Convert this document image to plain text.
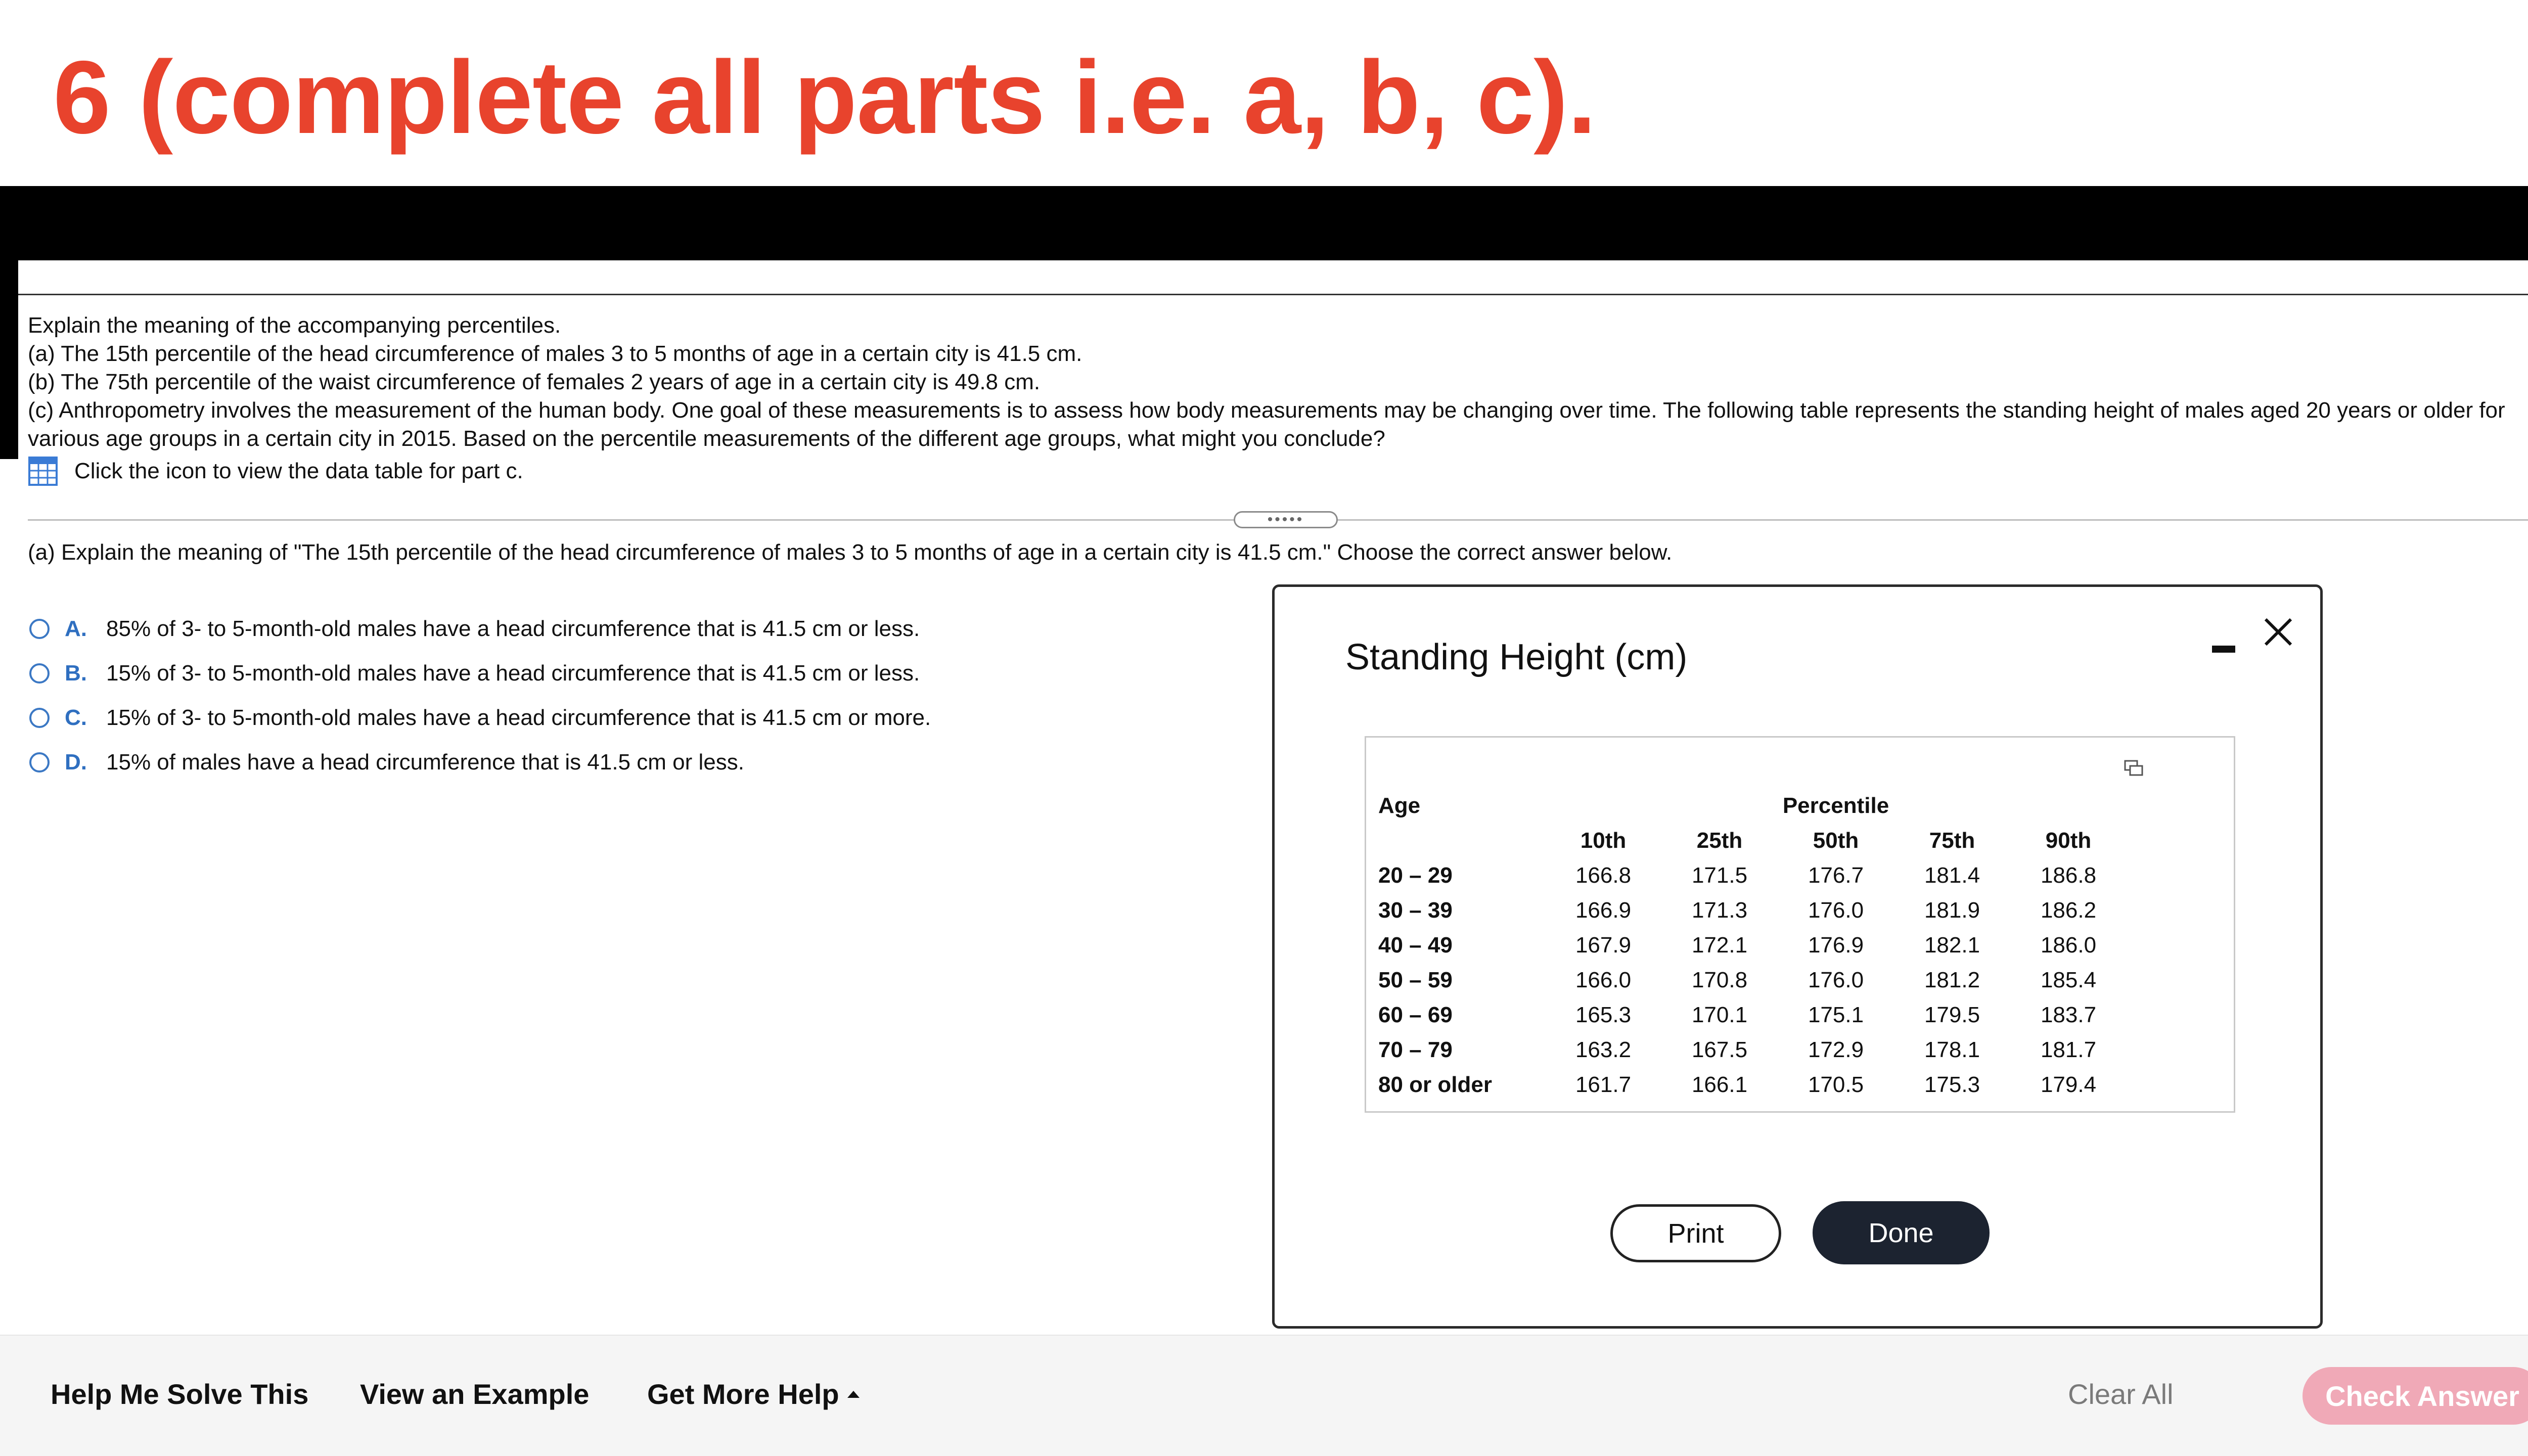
6 (complete all parts i.e. a, b, c).

Explain the meaning of the accompanying percentiles.

(a) The 15th percentile of the head circumference of males 3 to 5 months of age in a certain city is 41.5 cm.

(b) The 75th percentile of the waist circumference of females 2 years of age in a certain city is 49.8 cm.

(c) Anthropometry involves the measurement of the human body. One goal of these measurements is to assess how body measurements may be changing over time. The following table represents the standing height of males aged 20 years or older for various age groups in a certain city in 2015. Based on the percentile measurements of the different age groups, what might you conclude?

Click the icon to view the data table for part c.
•••••
(a) Explain the meaning of "The 15th percentile of the head circumference of males 3 to 5 months of age in a certain city is 41.5 cm." Choose the correct answer below.
A. 85% of 3- to 5-month-old males have a head circumference that is 41.5 cm or less.
B. 15% of 3- to 5-month-old males have a head circumference that is 41.5 cm or less.
C. 15% of 3- to 5-month-old males have a head circumference that is 41.5 cm or more.
D. 15% of males have a head circumference that is 41.5 cm or less.
Standing Height (cm)
Age			Percentile		
	10th	25th	50th	75th	90th
20 – 29	166.8	171.5	176.7	181.4	186.8
30 – 39	166.9	171.3	176.0	181.9	186.2
40 – 49	167.9	172.1	176.9	182.1	186.0
50 – 59	166.0	170.8	176.0	181.2	185.4
60 – 69	165.3	170.1	175.1	179.5	183.7
70 – 79	163.2	167.5	172.9	178.1	181.7
80 or older	161.7	166.1	170.5	175.3	179.4
Print	Done
Help Me Solve This View an Example Get More Help	Clear All	Check Answer
